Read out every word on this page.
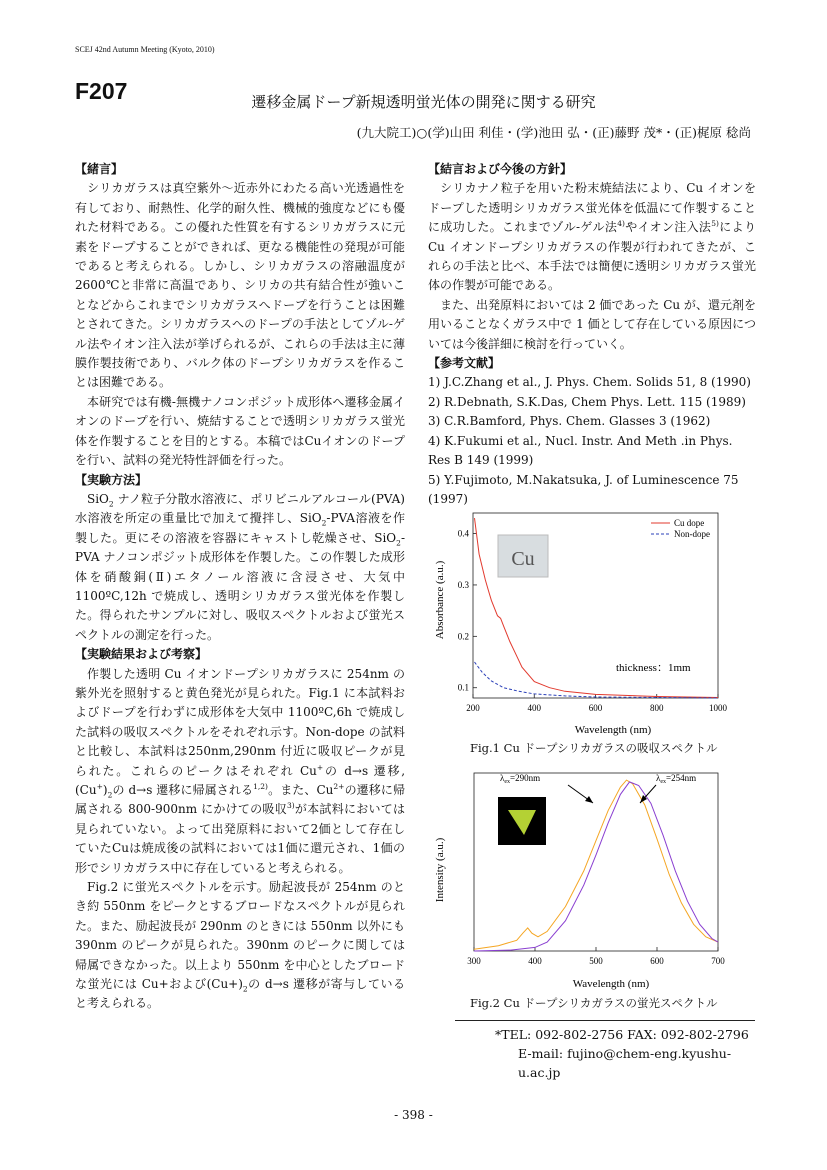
SCEJ 42nd Autumn Meeting (Kyoto, 2010)
F207	遷移金属ドープ新規透明蛍光体の開発に関する研究
(九大院工)○(学)山田 利佳・(学)池田 弘・(正)藤野 茂*・(正)梶原 稔尚
【緒言】

シリカガラスは真空紫外〜近赤外にわたる高い光透過性を有しており、耐熱性、化学的耐久性、機械的強度などにも優れた材料である。この優れた性質を有するシリカガラスに元素をドープすることができれば、更なる機能性の発現が可能であると考えられる。しかし、シリカガラスの溶融温度が2600℃と非常に高温であり、シリカの共有結合性が強いことなどからこれまでシリカガラスへドープを行うことは困難とされてきた。シリカガラスへのドープの手法としてゾル-ゲル法やイオン注入法が挙げられるが、これらの手法は主に薄膜作製技術であり、バルク体のドープシリカガラスを作ることは困難である。

本研究では有機-無機ナノコンポジット成形体へ遷移金属イオンのドープを行い、焼結することで透明シリカガラス蛍光体を作製することを目的とする。本稿ではCuイオンのドープを行い、試料の発光特性評価を行った。

【実験方法】

SiO$_2$ ナノ粒子分散水溶液に、ポリビニルアルコール(PVA)水溶液を所定の重量比で加えて攪拌し、SiO$_2$-PVA溶液を作製した。更にその溶液を容器にキャストし乾燥させ、SiO$_2$-PVA ナノコンポジット成形体を作製した。この作製した成形体を硝酸銅(Ⅱ)エタノール溶液に含浸させ、大気中 1100ºC,12h で焼成し、透明シリカガラス蛍光体を作製した。得られたサンプルに対し、吸収スペクトルおよび蛍光スペクトルの測定を行った。

【実験結果および考察】

作製した透明 Cu イオンドープシリカガラスに 254nm の紫外光を照射すると黄色発光が見られた。Fig.1 に本試料およびドープを行わずに成形体を大気中 1100ºC,6h で焼成した試料の吸収スペクトルをそれぞれ示す。Non-dope の試料と比較し、本試料は250nm,290nm 付近に吸収ピークが見られた。これらのピークはそれぞれ Cu+の d→s 遷移, $(Cu^+)_2$の d→s 遷移に帰属される$^{1,2)}$。また、$Cu^{2+}$の遷移に帰属される 800-900nm にかけての吸収$^{3)}$が本試料においては見られていない。よって出発原料において2価として存在していたCuは焼成後の試料においては1価に還元され、1価の形でシリカガラス中に存在していると考えられる。

Fig.2 に蛍光スペクトルを示す。励起波長が 254nm のとき約 550nm をピークとするブロードなスペクトルが見られた。また、励起波長が 290nm のときには 550nm 以外にも 390nm のピークが見られた。390nm のピークに関しては帰属できなかった。以上より 550nm を中心としたブロードな蛍光には Cu+および$(Cu+)_2$の d→s 遷移が寄与していると考えられる。

【結言および今後の方針】

シリカナノ粒子を用いた粉末焼結法により、Cu イオンをドープした透明シリカガラス蛍光体を低温にて作製することに成功した。これまでゾル-ゲル法$^{4)}$やイオン注入法$^{5)}$により Cu イオンドープシリカガラスの作製が行われてきたが、これらの手法と比べ、本手法では簡便に透明シリカガラス蛍光体の作製が可能である。

また、出発原料においては 2 価であった Cu が、還元剤を用いることなくガラス中で 1 価として存在している原因については今後詳細に検討を行っていく。

【参考文献】

1) J.C.Zhang et al., J. Phys. Chem. Solids 51, 8 (1990)

2) R.Debnath, S.K.Das, Chem Phys. Lett. 115 (1989)

3) C.R.Bamford, Phys. Chem. Glasses 3 (1962)

4) K.Fukumi et al., Nucl. Instr. And Meth .in Phys. Res B 149 (1999)

5) Y.Fujimoto, M.Nakatsuka, J. of Luminescence 75 (1997)

200	400	600	800	1000
0.1
0.2
0.3
0.4
Wavelength (nm)
Absorbance (a.u.)
Cu
Cu dope
Non-dope
thickness：1mm
Fig.1 Cu ドープシリカガラスの吸収スペクトル
300	400	500	600	700
Wavelength (nm)
Intensity (a.u.)
$\lambda_{ex}=290nm$	$\lambda_{ex}=254nm$
Fig.2 Cu ドープシリカガラスの蛍光スペクトル
*TEL: 092-802-2756 FAX: 092-802-2796
E-mail: fujino@chem-eng.kyushu-u.ac.jp
- 398 -
